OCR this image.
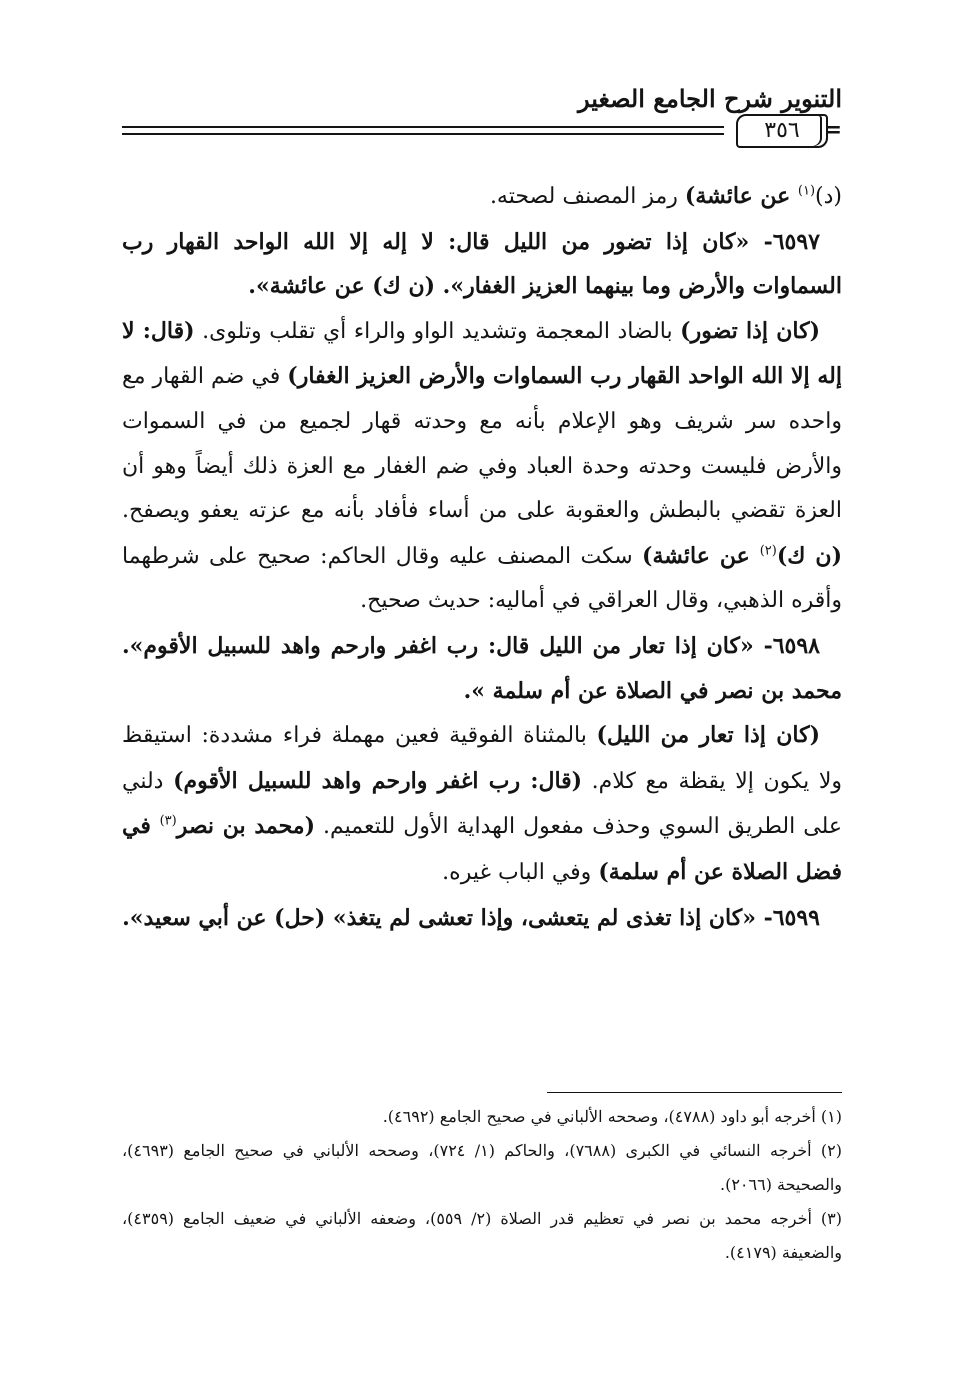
التنوير شرح الجامع الصغير
=
٣٥٦

(د)$^{(١)}$ عن عائشة) رمز المصنف لصحته.

٦٥٩٧- «كان إذا تضور من الليل قال: لا إله إلا الله الواحد القهار رب السماوات والأرض وما بينهما العزيز الغفار». (ن ك) عن عائشة».

(كان إذا تضور) بالضاد المعجمة وتشديد الواو والراء أي تقلب وتلوى. (قال: لا إله إلا الله الواحد القهار رب السماوات والأرض العزيز الغفار) في ضم القهار مع واحده سر شريف وهو الإعلام بأنه مع وحدته قهار لجميع من في السموات والأرض فليست وحدته وحدة العباد وفي ضم الغفار مع العزة ذلك أيضاً وهو أن العزة تقضي بالبطش والعقوبة على من أساء فأفاد بأنه مع عزته يعفو ويصفح. (ن ك)$^{(٢)}$ عن عائشة) سكت المصنف عليه وقال الحاكم: صحيح على شرطهما وأقره الذهبي، وقال العراقي في أماليه: حديث صحيح.

٦٥٩٨- «كان إذا تعار من الليل قال: رب اغفر وارحم واهد للسبيل الأقوم». محمد بن نصر في الصلاة عن أم سلمة ».

(كان إذا تعار من الليل) بالمثناة الفوقية فعين مهملة فراء مشددة: استيقظ ولا يكون إلا يقظة مع كلام. (قال: رب اغفر وارحم واهد للسبيل الأقوم) دلني على الطريق السوي وحذف مفعول الهداية الأول للتعميم. (محمد بن نصر$^{(٣)}$ في فضل الصلاة عن أم سلمة) وفي الباب غيره.

٦٥٩٩- «كان إذا تغذى لم يتعشى، وإذا تعشى لم يتغذ» (حل) عن أبي سعيد».

(١) أخرجه أبو داود (٤٧٨٨)، وصححه الألباني في صحيح الجامع (٤٦٩٢).

(٢) أخرجه النسائي في الكبرى (٧٦٨٨)، والحاكم (١/ ٧٢٤)، وصححه الألباني في صحيح الجامع (٤٦٩٣)، والصحيحة (٢٠٦٦).

(٣) أخرجه محمد بن نصر في تعظيم قدر الصلاة (٢/ ٥٥٩)، وضعفه الألباني في ضعيف الجامع (٤٣٥٩)، والضعيفة (٤١٧٩).
